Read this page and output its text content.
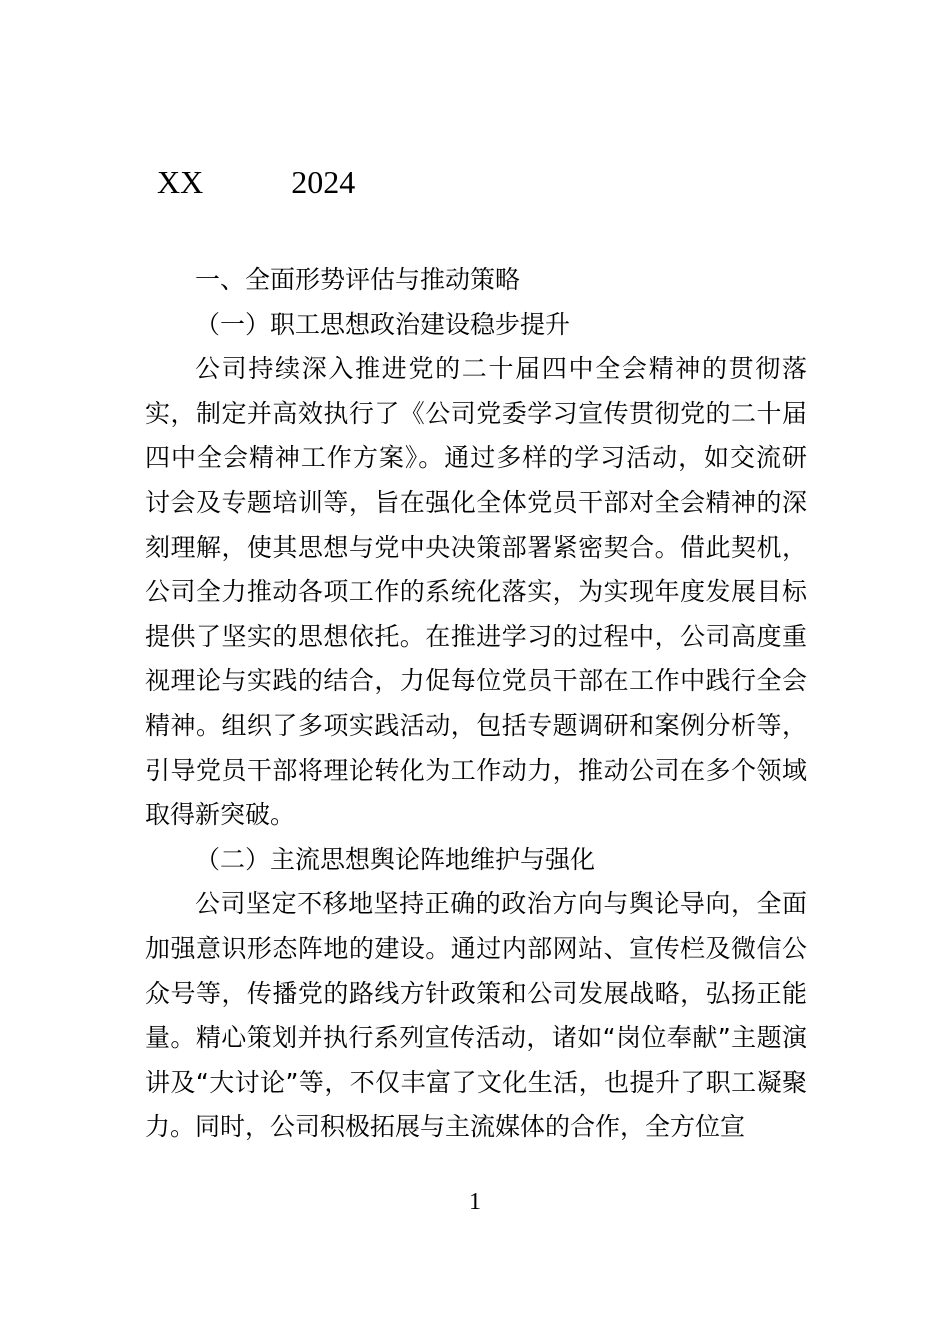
XX	2024

一、全面形势评估与推动策略

（一）职工思想政治建设稳步提升

公司持续深入推进党的二十届四中全会精神的贯彻落实，制定并高效执行了《公司党委学习宣传贯彻党的二十届四中全会精神工作方案》。通过多样的学习活动，如交流研讨会及专题培训等，旨在强化全体党员干部对全会精神的深刻理解，使其思想与党中央决策部署紧密契合。借此契机，公司全力推动各项工作的系统化落实，为实现年度发展目标提供了坚实的思想依托。在推进学习的过程中，公司高度重视理论与实践的结合，力促每位党员干部在工作中践行全会精神。组织了多项实践活动，包括专题调研和案例分析等，引导党员干部将理论转化为工作动力，推动公司在多个领域取得新突破。

（二）主流思想舆论阵地维护与强化

公司坚定不移地坚持正确的政治方向与舆论导向，全面加强意识形态阵地的建设。通过内部网站、宣传栏及微信公众号等，传播党的路线方针政策和公司发展战略，弘扬正能量。精心策划并执行系列宣传活动，诸如“岗位奉献”主题演讲及“大讨论”等，不仅丰富了文化生活，也提升了职工凝聚力。同时，公司积极拓展与主流媒体的合作，全方位宣

1
